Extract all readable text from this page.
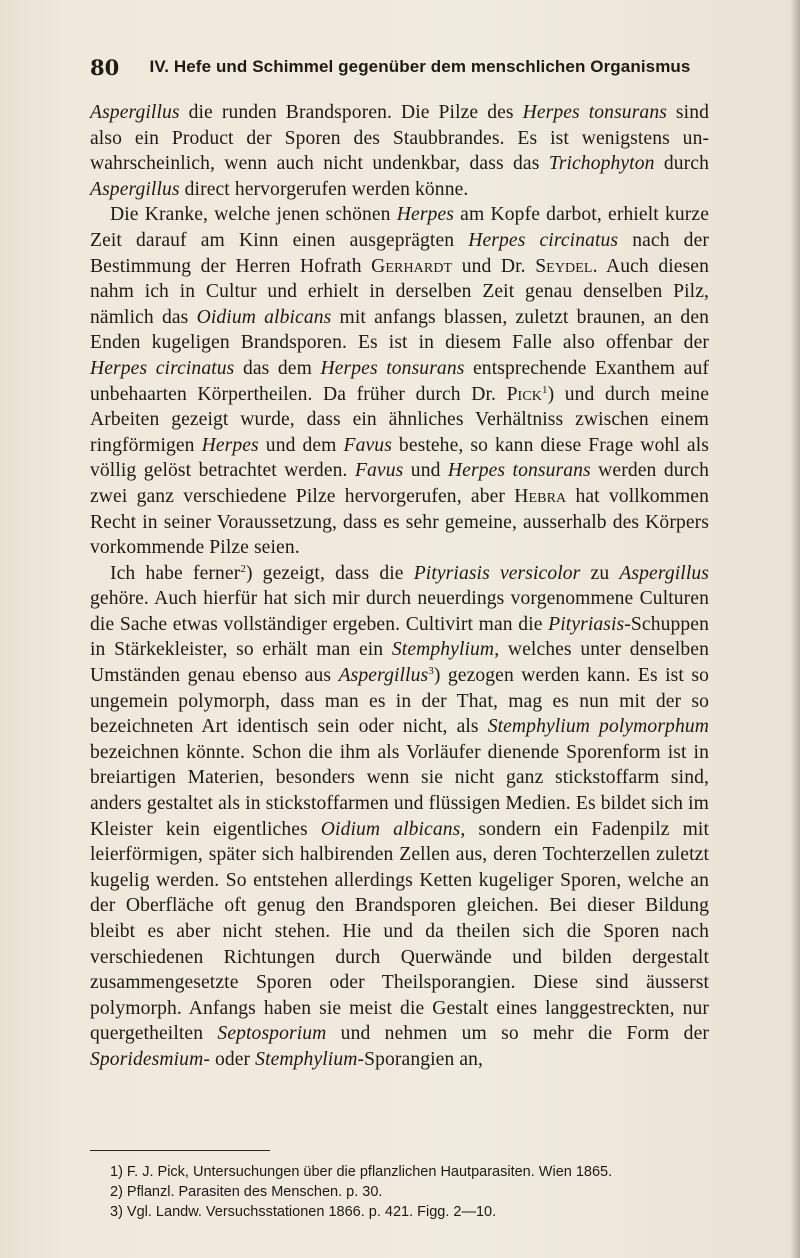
80	IV. Hefe und Schimmel gegenüber dem menschlichen Organismus

Aspergillus die runden Brandsporen. Die Pilze des Herpes tonsurans sind also ein Product der Sporen des Staubbrandes. Es ist wenigstens unwahrscheinlich, wenn auch nicht undenkbar, dass das Trichophyton durch Aspergillus direct hervorgerufen werden könne.

Die Kranke, welche jenen schönen Herpes am Kopfe darbot, erhielt kurze Zeit darauf am Kinn einen ausgeprägten Herpes circinatus nach der Bestimmung der Herren Hofrath Gerhardt und Dr. Seydel. Auch diesen nahm ich in Cultur und erhielt in derselben Zeit genau denselben Pilz, nämlich das Oidium albicans mit anfangs blassen, zuletzt braunen, an den Enden kugeligen Brandsporen. Es ist in diesem Falle also offenbar der Herpes circinatus das dem Herpes tonsurans entsprechende Exanthem auf unbehaarten Körpertheilen. Da früher durch Dr. Pick$^1$) und durch meine Arbeiten gezeigt wurde, dass ein ähnliches Verhältniss zwischen einem ringförmigen Herpes und dem Favus bestehe, so kann diese Frage wohl als völlig gelöst betrachtet werden. Favus und Herpes tonsurans werden durch zwei ganz verschiedene Pilze hervorgerufen, aber Hebra hat vollkommen Recht in seiner Voraussetzung, dass es sehr gemeine, ausserhalb des Körpers vorkommende Pilze seien.

Ich habe ferner$^2$) gezeigt, dass die Pityriasis versicolor zu Aspergillus gehöre. Auch hierfür hat sich mir durch neuerdings vorgenommene Culturen die Sache etwas vollständiger ergeben. Cultivirt man die Pityriasis-Schuppen in Stärkekleister, so erhält man ein Stemphylium, welches unter denselben Umständen genau ebenso aus Aspergillus$^3$) gezogen werden kann. Es ist so ungemein polymorph, dass man es in der That, mag es nun mit der so bezeichneten Art identisch sein oder nicht, als Stemphylium polymorphum bezeichnen könnte. Schon die ihm als Vorläufer dienende Sporenform ist in breiartigen Materien, besonders wenn sie nicht ganz stickstoffarm sind, anders gestaltet als in stickstoffarmen und flüssigen Medien. Es bildet sich im Kleister kein eigentliches Oidium albicans, sondern ein Fadenpilz mit leierförmigen, später sich halbirenden Zellen aus, deren Tochterzellen zuletzt kugelig werden. So entstehen allerdings Ketten kugeliger Sporen, welche an der Oberfläche oft genug den Brandsporen gleichen. Bei dieser Bildung bleibt es aber nicht stehen. Hie und da theilen sich die Sporen nach verschiedenen Richtungen durch Querwände und bilden dergestalt zusammengesetzte Sporen oder Theilsporangien. Diese sind äusserst polymorph. Anfangs haben sie meist die Gestalt eines langgestreckten, nur quergetheilten Septosporium und nehmen um so mehr die Form der Sporidesmium- oder Stemphylium-Sporangien an,

1) F. J. Pick, Untersuchungen über die pflanzlichen Hautparasiten. Wien 1865.
2) Pflanzl. Parasiten des Menschen. p. 30.
3) Vgl. Landw. Versuchsstationen 1866. p. 421. Figg. 2—10.
